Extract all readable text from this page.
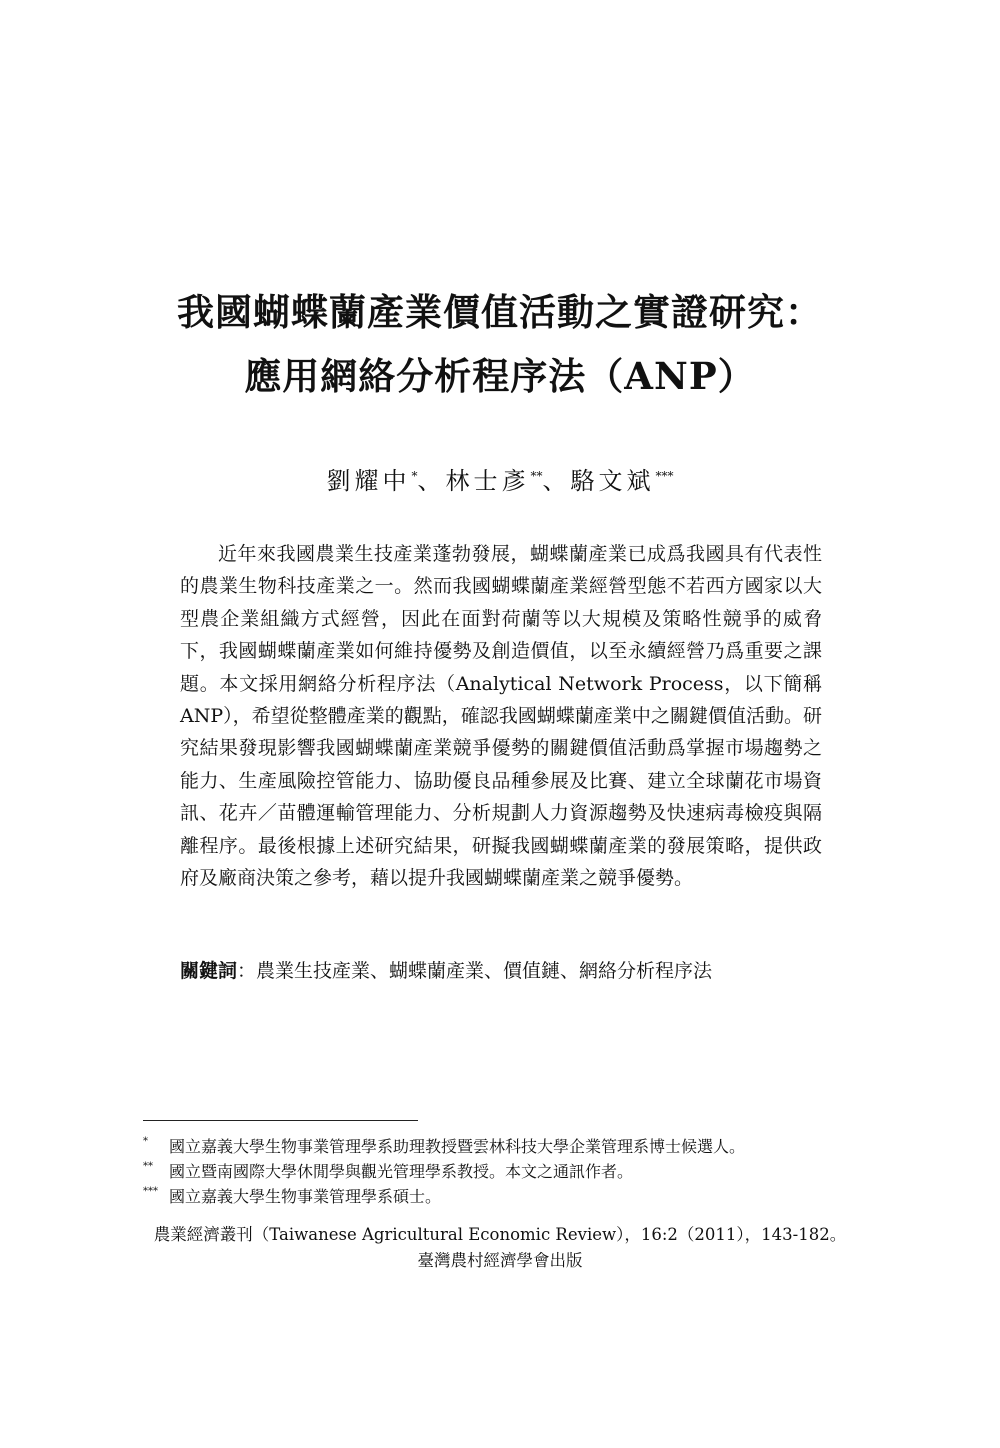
我國蝴蝶蘭產業價值活動之實證研究：
應用網絡分析程序法（ANP）
劉耀中*、林士彥**、駱文斌***

近年來我國農業生技產業蓬勃發展，蝴蝶蘭產業已成爲我國具有代表性的農業生物科技產業之一。然而我國蝴蝶蘭產業經營型態不若西方國家以大型農企業組織方式經營，因此在面對荷蘭等以大規模及策略性競爭的威脅下，我國蝴蝶蘭產業如何維持優勢及創造價值，以至永續經營乃爲重要之課題。本文採用網絡分析程序法（Analytical Network Process，以下簡稱 ANP），希望從整體產業的觀點，確認我國蝴蝶蘭產業中之關鍵價值活動。研究結果發現影響我國蝴蝶蘭產業競爭優勢的關鍵價值活動爲掌握市場趨勢之能力、生產風險控管能力、協助優良品種參展及比賽、建立全球蘭花市場資訊、花卉／苗體運輸管理能力、分析規劃人力資源趨勢及快速病毒檢疫與隔離程序。最後根據上述研究結果，研擬我國蝴蝶蘭產業的發展策略，提供政府及廠商決策之參考，藉以提升我國蝴蝶蘭產業之競爭優勢。

關鍵詞：農業生技產業、蝴蝶蘭產業、價值鏈、網絡分析程序法

* 國立嘉義大學生物事業管理學系助理教授暨雲林科技大學企業管理系博士候選人。
** 國立暨南國際大學休閒學與觀光管理學系教授。本文之通訊作者。
*** 國立嘉義大學生物事業管理學系碩士。
農業經濟叢刊（Taiwanese Agricultural Economic Review），16:2（2011），143-182。
臺灣農村經濟學會出版
